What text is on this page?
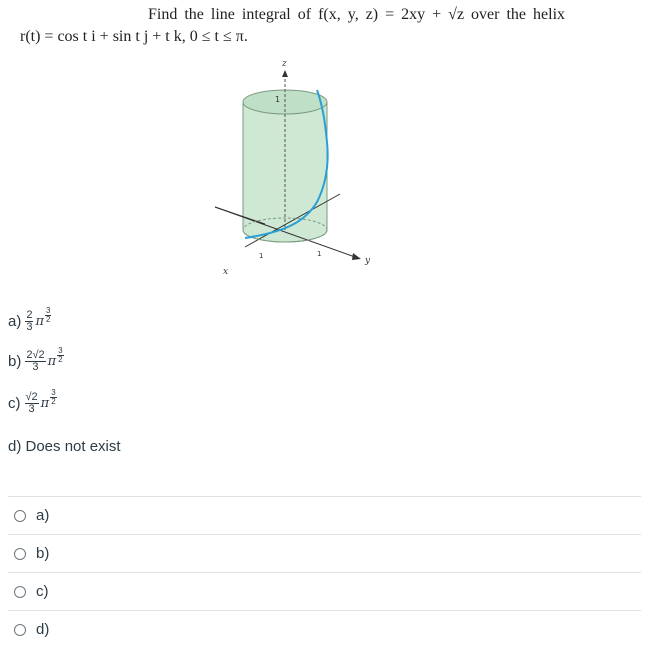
Find the line integral of f(x, y, z) = 2xy + √z over the helix
r(t) = cos t i + sin t j + t k, 0 ≤ t ≤ π.
z
1
y
x
1	1
$a) \frac{2}{3}$ π $\frac{3}{2}$
$b) \frac{2√2}{3}$ π $\frac{3}{2}$
$c) \frac{√2}{3}$ π $\frac{3}{2}$
d) Does not exist
a)
b)
c)
d)
